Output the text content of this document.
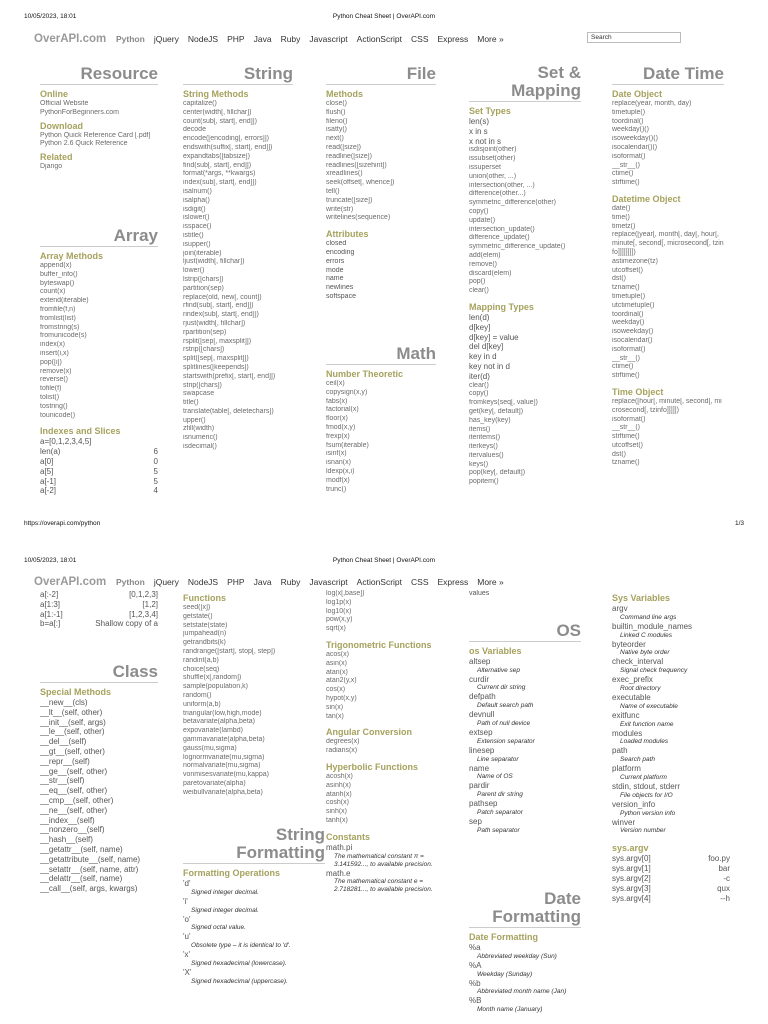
10/05/2023, 18:01	Python Cheat Sheet | OverAPI.com
OverAPI.com Python jQuery NodeJS PHP Java Ruby Javascript ActionScript CSS Express More »	Search
Resource
Online
Official Website
PythonForBeginners.com
Download
Python Quick Reference Card [.pdf]
Python 2.6 Quick Reference
Related
Django
Array
Array Methods
append(x)
buffer_info()
byteswap()
count(x)
extend(iterable)
fromfile(f,n)
fromlist(list)
fromstring(s)
fromunicode(s)
index(x)
insert(i,x)
pop([i])
remove(x)
reverse()
tofile(f)
tolist()
tostring()
tounicode()
Indexes and Slices
a=[0,1,2,3,4,5]
len(a)	6
a[0]	0
a[5]	5
a[-1]	5
a[-2]	4
String
String Methods
capitalize()
center(width[, fillchar])
count(sub[, start[, end]])
decode
encode([encoding[, errors]])
endswith(suffix[, start[, end]])
expandtabs([tabsize])
find(sub[, start[, end]])
format(*args, **kwargs)
index(sub[, start[, end]])
isalnum()
isalpha()
isdigit()
islower()
isspace()
istitle()
isupper()
join(iterable)
ljust(width[, fillchar])
lower()
lstrip([chars])
partition(sep)
replace(old, new[, count])
rfind(sub[, start[, end]])
rindex(sub[, start[, end]])
rjust(width[, fillchar])
rpartition(sep)
rsplit([sep[, maxsplit]])
rstrip([chars])
split([sep[, maxsplit]])
splitlines([keepends])
startswith(prefix[, start[, end]])
strip([chars])
swapcase
title()
translate(table[, deletechars])
upper()
zfill(width)
isnumeric()
isdecimal()
File
Methods
close()
flush()
fileno()
isatty()
next()
read([size])
readline([size])
readlines([sizehint])
xreadlines()
seek(offset[, whence])
tell()
truncate([size])
write(str)
writelines(sequence)
Attributes
closed
encoding
errors
mode
name
newlines
softspace
Math
Number Theoretic
ceil(x)
copysign(x,y)
fabs(x)
factorial(x)
floor(x)
fmod(x,y)
frexp(x)
fsum(iterable)
isinf(x)
isnan(x)
ldexp(x,i)
modf(x)
trunc()
Set &
Mapping
Set Types
len(s)
x in s
x not in s
isdisjoint(other)
issubset(other)
issuperset
union(other, ...)
intersection(other, ...)
difference(other...)
symmetric_difference(other)
copy()
update()
intersection_update()
difference_update()
symmetric_difference_update()
add(elem)
remove()
discard(elem)
pop()
clear()
Mapping Types
len(d)
d[key]
d[key] = value
del d[key]
key in d
key not in d
iter(d)
clear()
copy()
fromkeys(seq[, value])
get(key[, default])
has_key(key)
items()
iteritems()
iterkeys()
itervalues()
keys()
pop(key[, default])
popitem()
Date Time
Date Object
replace(year, month, day)
timetuple()
toordinal()
weekday()()
isoweekday()()
isocalendar()()
isoformat()
__str__()
ctime()
strftime()
Datetime Object
date()
time()
timetz()
replace([year[, month[, day[, hour[, minute[, second[, microsecond[, tzinfo]]]]]]]])
astimezone(tz)
utcoffset()
dst()
tzname()
timetuple()
utctimetuple()
toordinal()
weekday()
isoweekday()
isocalendar()
isoformat()
__str__()
ctime()
strftime()
Time Object
replace([hour[, minute[, second[, microsecond[, tzinfo]]]]])
isoformat()
__str__()
strftime()
utcoffset()
dst()
tzname()
https://overapi.com/python	1/3
10/05/2023, 18:01	Python Cheat Sheet | OverAPI.com
OverAPI.com Python jQuery NodeJS PHP Java Ruby Javascript ActionScript CSS Express More »
a[:-2]	[0,1,2,3]
a[1:3]	[1,2]
a[1:-1]	[1,2,3,4]
b=a[:]	Shallow copy of a
Class
Special Methods
__new__(cls)
__lt__(self, other)
__init__(self, args)
__le__(self, other)
__del__(self)
__gt__(self, other)
__repr__(self)
__ge__(self, other)
__str__(self)
__eq__(self, other)
__cmp__(self, other)
__ne__(self, other)
__index__(self)
__nonzero__(self)
__hash__(self)
__getattr__(self, name)
__getattribute__(self, name)
__setattr__(self, name, attr)
__delattr__(self, name)
__call__(self, args, kwargs)
Functions
seed([x])
getstate()
setstate(state)
jumpahead(n)
getrandbits(k)
randrange([start], stop[, step])
randint(a,b)
choice(seq)
shuffle(x[,random])
sample(population,k)
random()
uniform(a,b)
triangular(low,high,mode)
betavariate(alpha,beta)
expovariate(lambd)
gammavariate(alpha,beta)
gauss(mu,sigma)
lognormvariate(mu,sigma)
normalvariate(mu,sigma)
vonmisesvariate(mu,kappa)
paretovariate(alpha)
weibullvariate(alpha,beta)
String
Formatting
Formatting Operations
'd'
Signed integer decimal.
'i'
Signed integer decimal.
'o'
Signed octal value.
'u'
Obsolete type – it is identical to 'd'.
'x'
Signed hexadecimal (lowercase).
'X'
Signed hexadecimal (uppercase).
log(x[,base])
log1p(x)
log10(x)
pow(x,y)
sqrt(x)
Trigonometric Functions
acos(x)
asin(x)
atan(x)
atan2(y,x)
cos(x)
hypot(x,y)
sin(x)
tan(x)
Angular Conversion
degrees(x)
radians(x)
Hyperbolic Functions
acosh(x)
asinh(x)
atanh(x)
cosh(x)
sinh(x)
tanh(x)
Constants
math.pi
The mathematical constant π = 3.141592..., to available precision.
math.e
The mathematical constant e = 2.718281..., to available precision.
values
OS
os Variables
altsep
Alternative sep
curdir
Current dir string
defpath
Default search path
devnull
Path of null device
extsep
Extension separator
linesep
Line separator
name
Name of OS
pardir
Parent dir string
pathsep
Patch separator
sep
Path separator
Date
Formatting
Date Formatting
%a
Abbreviated weekday (Sun)
%A
Weekday (Sunday)
%b
Abbreviated month name (Jan)
%B
Month name (January)
Sys Variables
argv
Command line args
builtin_module_names
Linked C modules
byteorder
Native byte order
check_interval
Signal check frequency
exec_prefix
Root directory
executable
Name of executable
exitfunc
Exit function name
modules
Loaded modules
path
Search path
platform
Current platform
stdin, stdout, stderr
File objects for I/O
version_info
Python version info
winver
Version number
sys.argv
sys.argv[0]	foo.py
sys.argv[1]	bar
sys.argv[2]	-c
sys.argv[3]	qux
sys.argv[4]	--h
